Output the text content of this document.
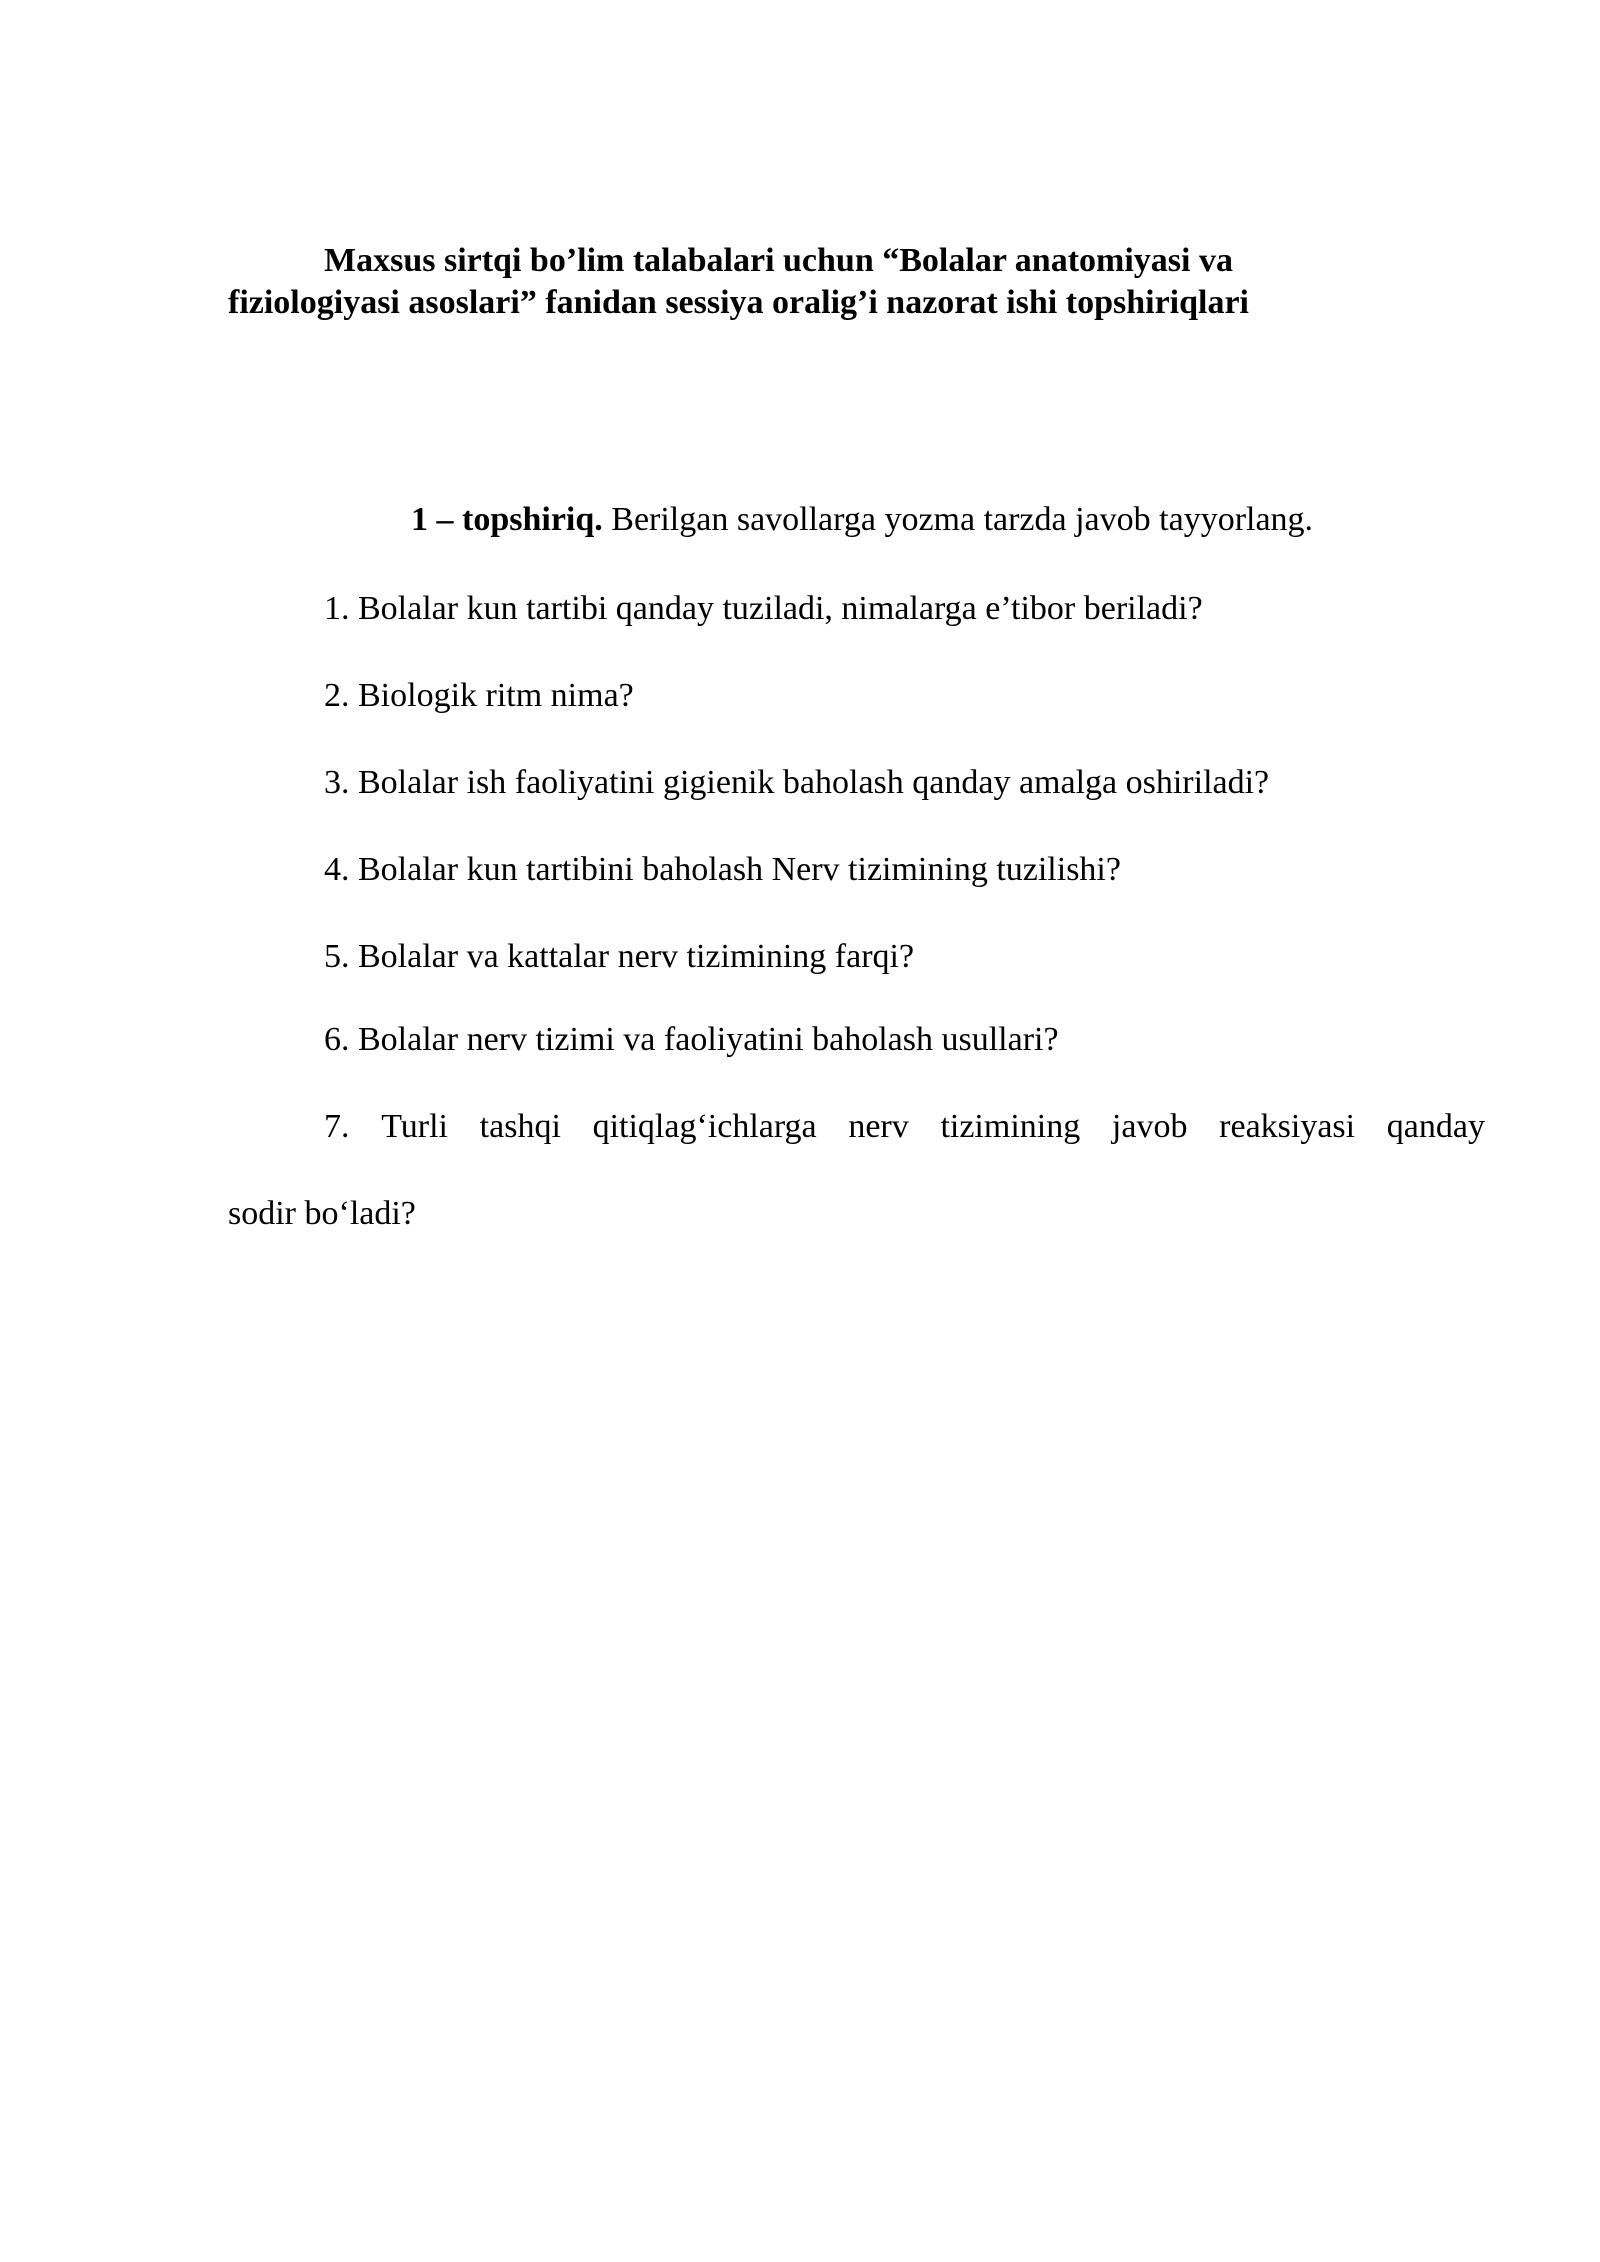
Maxsus sirtqi bo’lim talabalari uchun “Bolalar anatomiyasi va
fiziologiyasi asoslari” fanidan sessiya oralig’i nazorat ishi topshiriqlari

1 – topshiriq. Berilgan savollarga yozma tarzda javob tayyorlang.

1. Bolalar kun tartibi qanday tuziladi, nimalarga e’tibor beriladi?

2. Biologik ritm nima?

3. Bolalar ish faoliyatini gigienik baholash qanday amalga oshiriladi?

4. Bolalar kun tartibini baholash Nerv tizimining tuzilishi?

5. Bolalar va kattalar nerv tizimining farqi?

6. Bolalar nerv tizimi va faoliyatini baholash usullari?

7. Turli tashqi qitiqlag‘ichlarga nerv tizimining javob reaksiyasi qanday

sodir bo‘ladi?
